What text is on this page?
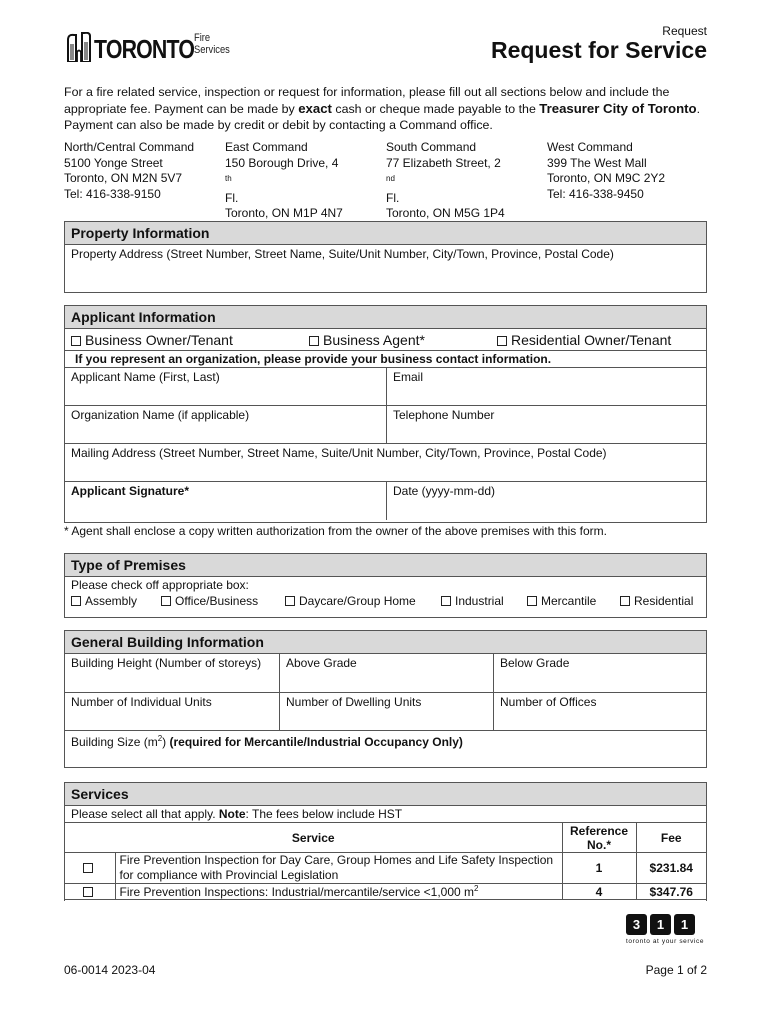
TORONTO Fire
Services
Request
Request for Service
For a fire related service, inspection or request for information, please fill out all sections below and include the appropriate fee. Payment can be made by exact cash or cheque made payable to the Treasurer City of Toronto. Payment can also be made by credit or debit by contacting a Command office.
North/Central Command
5100 Yonge Street
Toronto, ON M2N 5V7
Tel: 416-338-9150
East Command
150 Borough Drive, 4
$^{th}$
Fl.
Toronto, ON M1P 4N7
South Command
77 Elizabeth Street, 2
$^{nd}$
Fl.
Toronto, ON M5G 1P4
West Command
399 The West Mall
Toronto, ON M9C 2Y2
Tel: 416-338-9450
Property Information
Property Address (Street Number, Street Name, Suite/Unit Number, City/Town, Province, Postal Code)
Applicant Information
Business Owner/Tenant	Business Agent*	Residential Owner/Tenant
If you represent an organization, please provide your business contact information.
Applicant Name (First, Last)	Email
Organization Name (if applicable)	Telephone Number
Mailing Address (Street Number, Street Name, Suite/Unit Number, City/Town, Province, Postal Code)
Applicant Signature*	Date (yyyy-mm-dd)
* Agent shall enclose a copy written authorization from the owner of the above premises with this form.
Type of Premises
Please check off appropriate box:
Assembly	Office/Business	Daycare/Group Home	Industrial	Mercantile	Residential
General Building Information
Building Height (Number of storeys)	Above Grade	Below Grade
Number of Individual Units	Number of Dwelling Units	Number of Offices
Building Size $(m^2)$ (required for Mercantile/Industrial Occupancy Only)
Services
Please select all that apply. Note: The fees below include HST
Service		Reference No.*	Fee
	Fire Prevention Inspection for Day Care, Group Homes and Life Safety Inspection for compliance with Provincial Legislation	1	$231.84
	Fire Prevention Inspections: Industrial/mercantile/service <1,000 $m^2$	4	$347.76
3	1	1
toronto at your service
06-0014 2023-04	Page 1 of 2
